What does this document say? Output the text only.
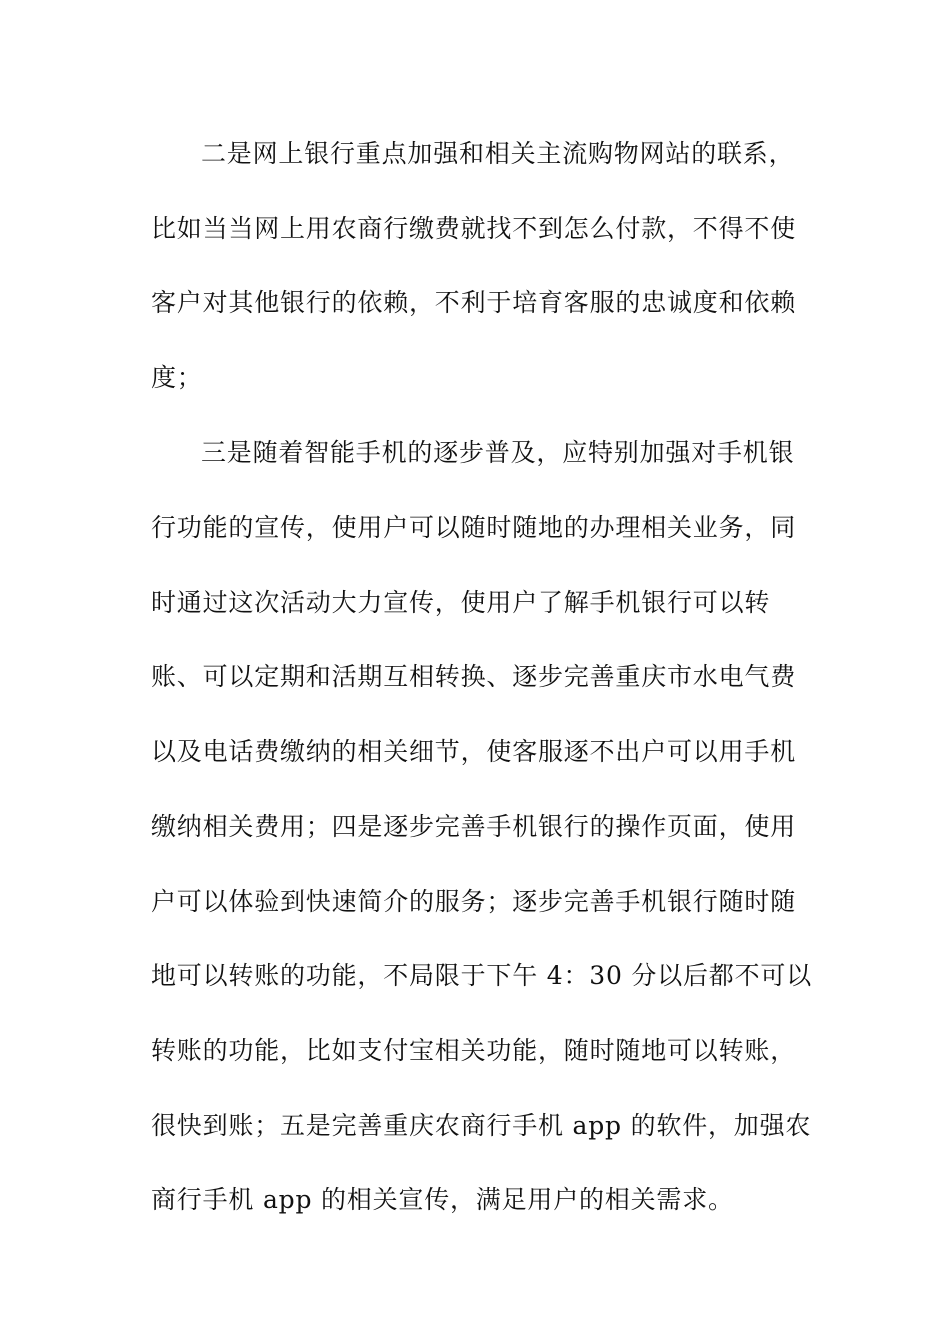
二是网上银行重点加强和相关主流购物网站的联系，
比如当当网上用农商行缴费就找不到怎么付款，不得不使
客户对其他银行的依赖，不利于培育客服的忠诚度和依赖
度；
三是随着智能手机的逐步普及，应特别加强对手机银
行功能的宣传，使用户可以随时随地的办理相关业务，同
时通过这次活动大力宣传，使用户了解手机银行可以转
账、可以定期和活期互相转换、逐步完善重庆市水电气费
以及电话费缴纳的相关细节，使客服逐不出户可以用手机
缴纳相关费用；四是逐步完善手机银行的操作页面，使用
户可以体验到快速简介的服务；逐步完善手机银行随时随
地可以转账的功能，不局限于下午 4：30 分以后都不可以
转账的功能，比如支付宝相关功能，随时随地可以转账，
很快到账；五是完善重庆农商行手机 app 的软件，加强农
商行手机 app 的相关宣传，满足用户的相关需求。
